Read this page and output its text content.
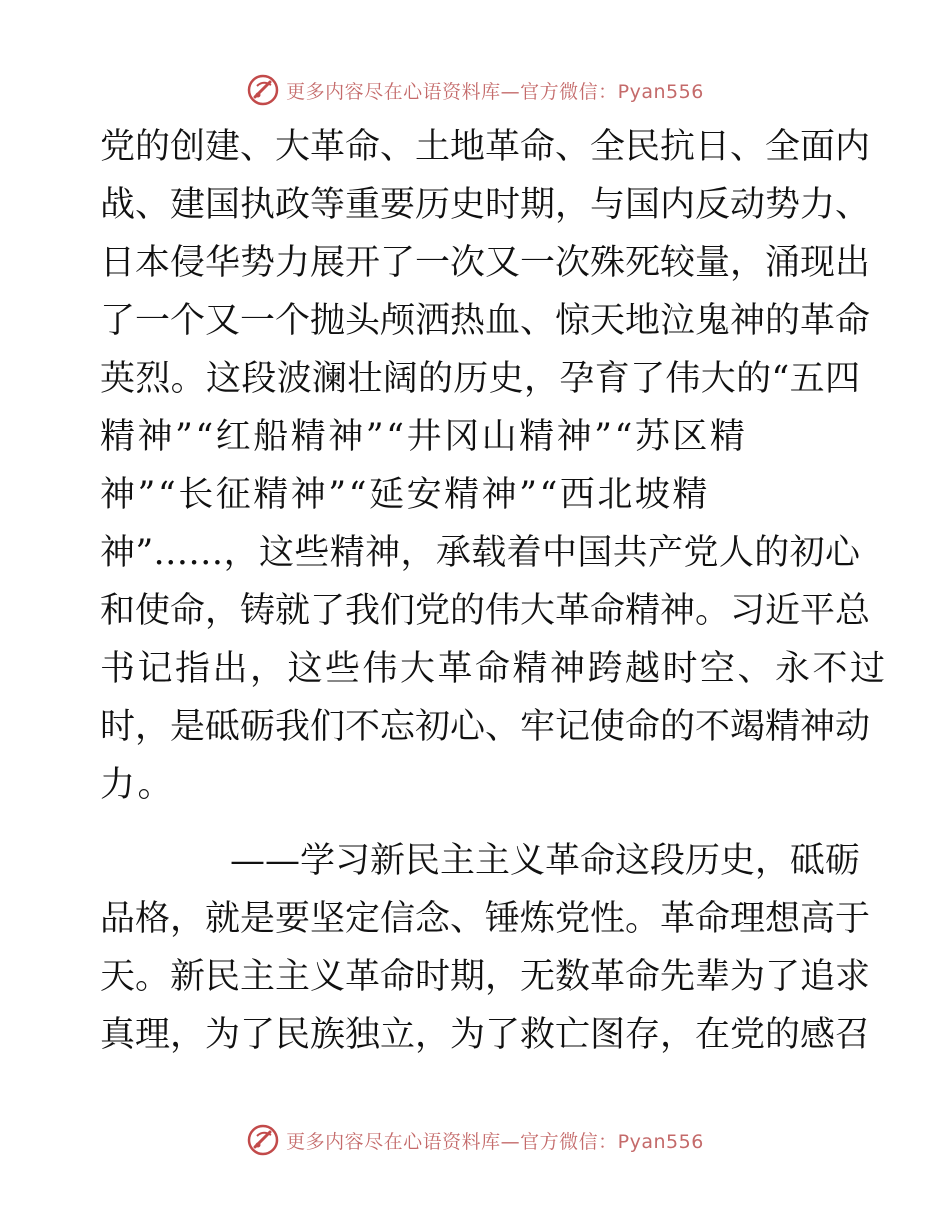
更多内容尽在心语资料库—官方微信：Pyan556
党的创建、大革命、土地革命、全民抗日、全面内
战、建国执政等重要历史时期，与国内反动势力、
日本侵华势力展开了一次又一次殊死较量，涌现出
了一个又一个抛头颅洒热血、惊天地泣鬼神的革命
英烈。这段波澜壮阔的历史，孕育了伟大的“五四
精神”“红船精神”“井冈山精神”“苏区精
神”“长征精神”“延安精神”“西北坡精
神”……，这些精神，承载着中国共产党人的初心
和使命，铸就了我们党的伟大革命精神。习近平总
书记指出，这些伟大革命精神跨越时空、永不过
时，是砥砺我们不忘初心、牢记使命的不竭精神动
力。
——学习新民主主义革命这段历史，砥砺
品格，就是要坚定信念、锤炼党性。革命理想高于
天。新民主主义革命时期，无数革命先辈为了追求
真理，为了民族独立，为了救亡图存，在党的感召
更多内容尽在心语资料库—官方微信：Pyan556
